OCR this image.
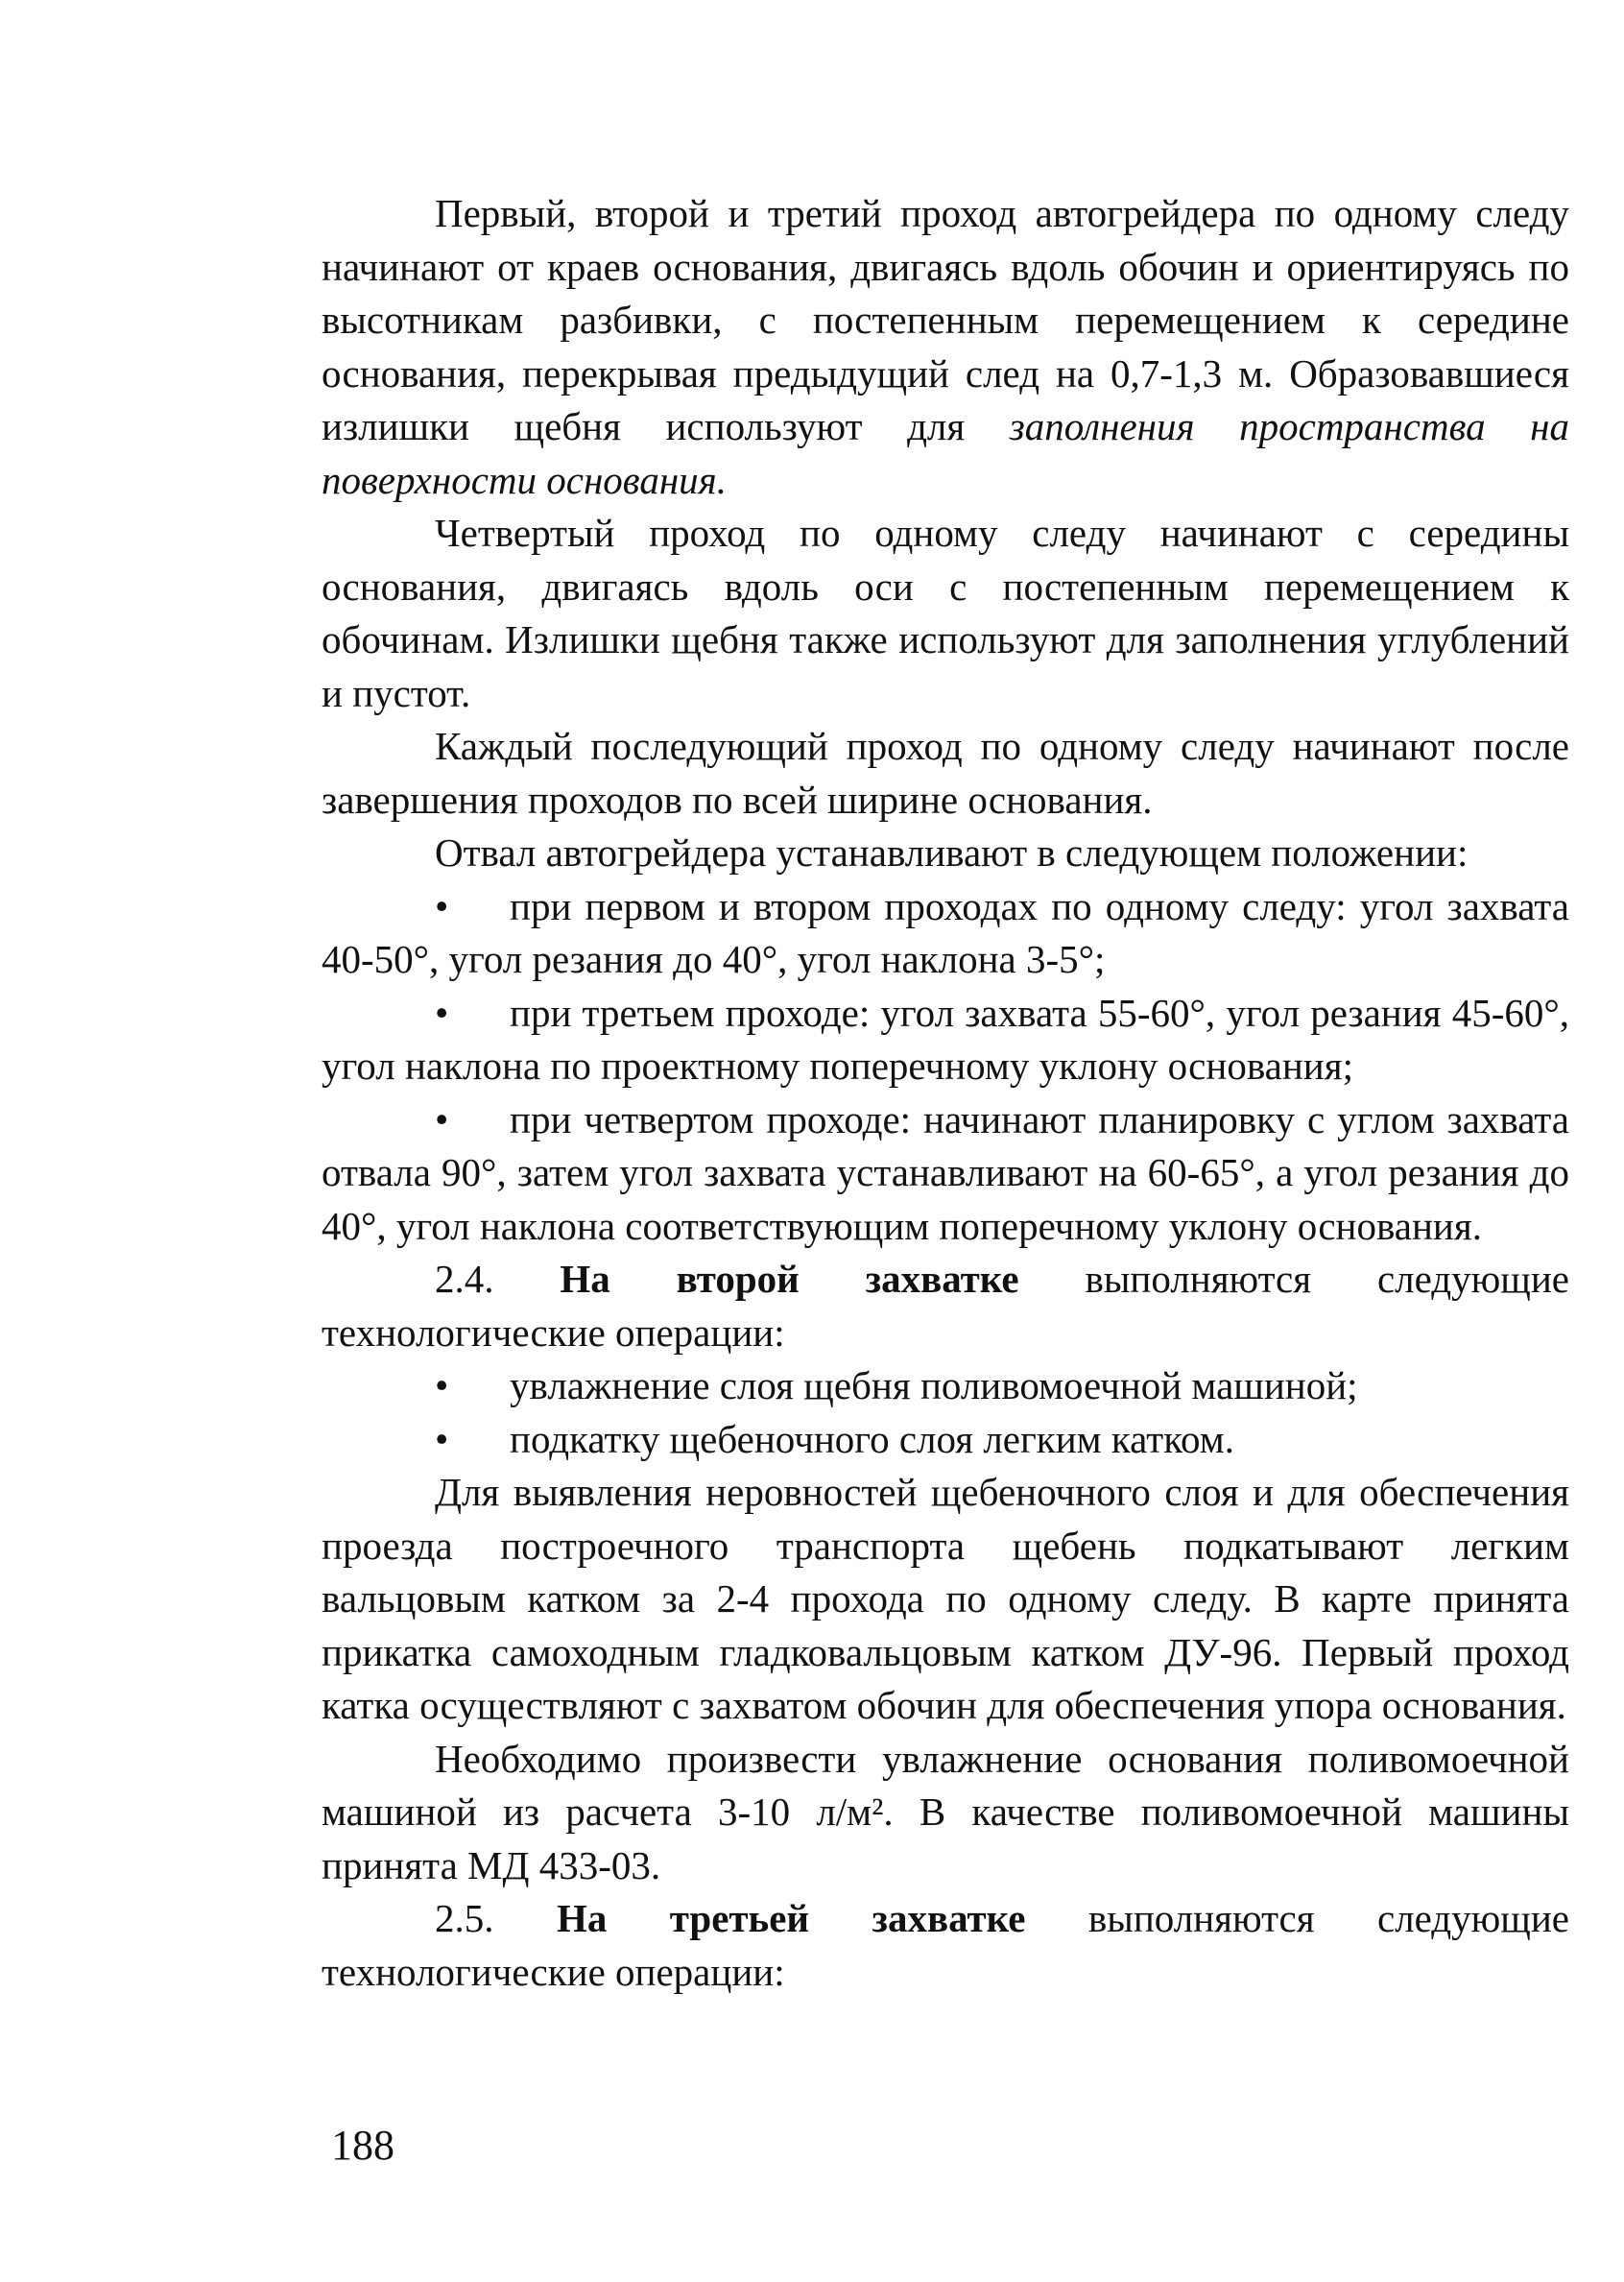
Первый, второй и третий проход автогрейдера по одному следу начинают от краев основания, двигаясь вдоль обочин и ориентируясь по высотникам разбивки, с постепенным перемещением к середине основания, перекрывая предыдущий след на 0,7-1,3 м. Образовавшиеся излишки щебня используют для заполнения пространства на поверхности основания.

Четвертый проход по одному следу начинают с середины основания, двигаясь вдоль оси с постепенным перемещением к обочинам. Излишки щебня также используют для заполнения углублений и пустот.

Каждый последующий проход по одному следу начинают после завершения проходов по всей ширине основания.

Отвал автогрейдера устанавливают в следующем положении:

• при первом и втором проходах по одному следу: угол захвата 40-50°, угол резания до 40°, угол наклона 3-5°;
• при третьем проходе: угол захвата 55-60°, угол резания 45-60°, угол наклона по проектному поперечному уклону основания;
• при четвертом проходе: начинают планировку с углом захвата отвала 90°, затем угол захвата устанавливают на 60-65°, а угол резания до 40°, угол наклона соответствующим поперечному уклону основания.

2.4. На второй захватке выполняются следующие технологические операции:

• увлажнение слоя щебня поливомоечной машиной;
• подкатку щебеночного слоя легким катком.

Для выявления неровностей щебеночного слоя и для обеспечения проезда построечного транспорта щебень подкатывают легким вальцовым катком за 2-4 прохода по одному следу. В карте принята прикатка самоходным гладковальцовым катком ДУ-96. Первый проход катка осуществляют с захватом обочин для обеспечения упора основания.

Необходимо произвести увлажнение основания поливомоечной машиной из расчета 3-10 л/м². В качестве поливомоечной машины принята МД 433-03.

2.5. На третьей захватке выполняются следующие технологические операции:

188
